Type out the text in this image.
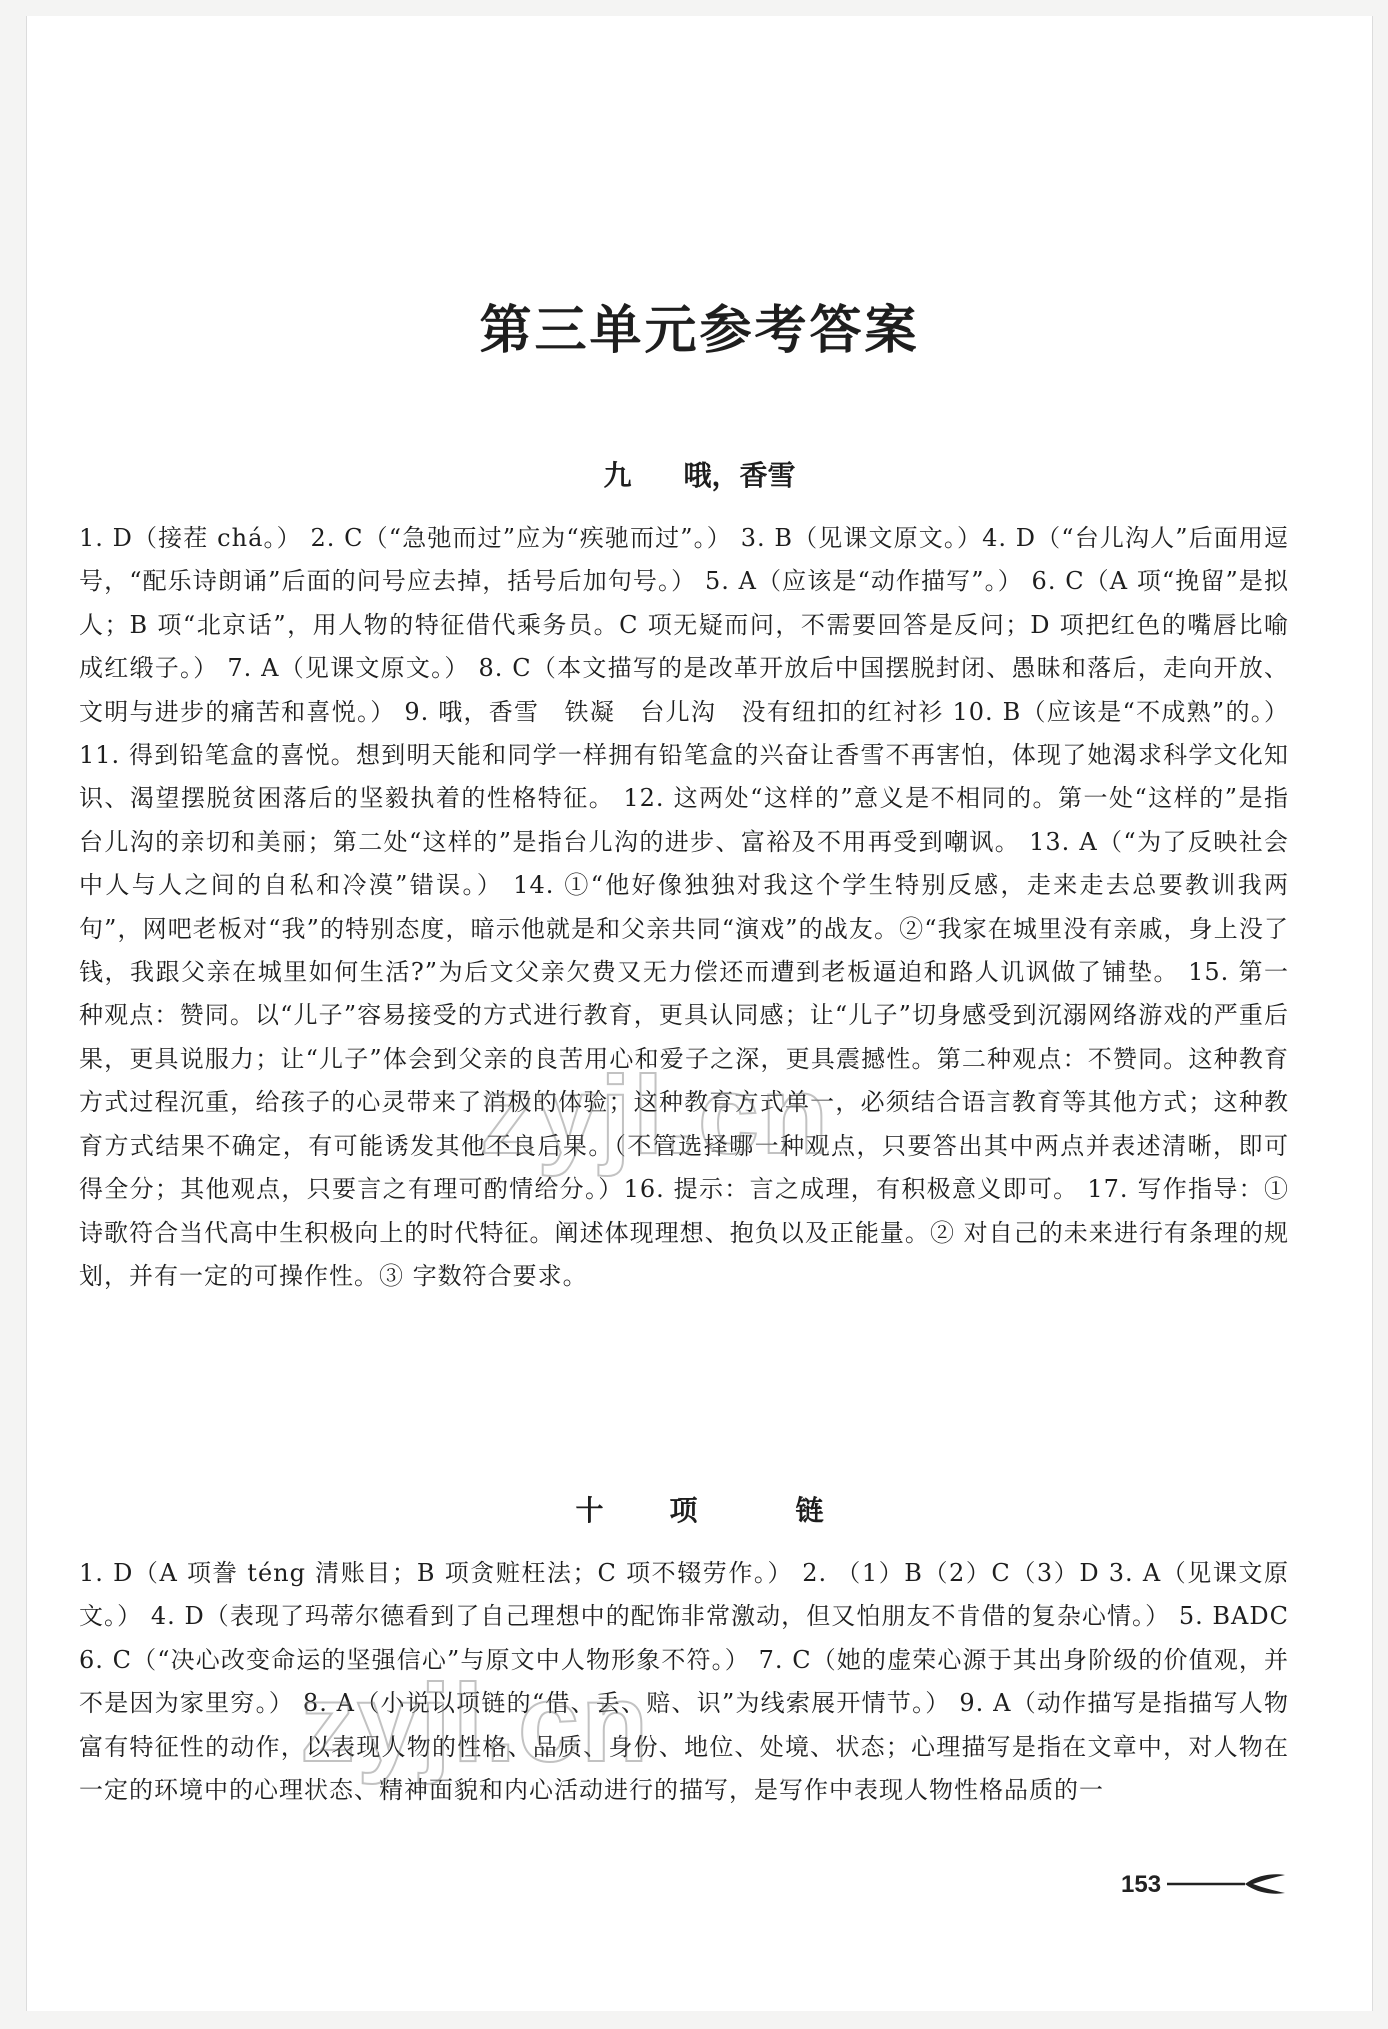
第三单元参考答案
九 哦，香雪

1. D（接茬 chá。） 2. C（“急弛而过”应为“疾驰而过”。） 3. B（见课文原文。）4. D（“台儿沟人”后面用逗号，“配乐诗朗诵”后面的问号应去掉，括号后加句号。） 5. A（应该是“动作描写”。） 6. C（A 项“挽留”是拟人；B 项“北京话”，用人物的特征借代乘务员。C 项无疑而问，不需要回答是反问；D 项把红色的嘴唇比喻成红缎子。） 7. A（见课文原文。） 8. C（本文描写的是改革开放后中国摆脱封闭、愚昧和落后，走向开放、文明与进步的痛苦和喜悦。） 9. 哦，香雪　铁凝　台儿沟　没有纽扣的红衬衫 10. B（应该是“不成熟”的。） 11. 得到铅笔盒的喜悦。想到明天能和同学一样拥有铅笔盒的兴奋让香雪不再害怕，体现了她渴求科学文化知识、渴望摆脱贫困落后的坚毅执着的性格特征。 12. 这两处“这样的”意义是不相同的。第一处“这样的”是指台儿沟的亲切和美丽；第二处“这样的”是指台儿沟的进步、富裕及不用再受到嘲讽。 13. A（“为了反映社会中人与人之间的自私和冷漠”错误。） 14. ①“他好像独独对我这个学生特别反感，走来走去总要教训我两句”，网吧老板对“我”的特别态度，暗示他就是和父亲共同“演戏”的战友。②“我家在城里没有亲戚，身上没了钱，我跟父亲在城里如何生活?”为后文父亲欠费又无力偿还而遭到老板逼迫和路人讥讽做了铺垫。 15. 第一种观点：赞同。以“儿子”容易接受的方式进行教育，更具认同感；让“儿子”切身感受到沉溺网络游戏的严重后果，更具说服力；让“儿子”体会到父亲的良苦用心和爱子之深，更具震撼性。第二种观点：不赞同。这种教育方式过程沉重，给孩子的心灵带来了消极的体验；这种教育方式单一，必须结合语言教育等其他方式；这种教育方式结果不确定，有可能诱发其他不良后果。（不管选择哪一种观点，只要答出其中两点并表述清晰，即可得全分；其他观点，只要言之有理可酌情给分。）16. 提示：言之成理，有积极意义即可。 17. 写作指导：① 诗歌符合当代高中生积极向上的时代特征。阐述体现理想、抱负以及正能量。② 对自己的未来进行有条理的规划，并有一定的可操作性。③ 字数符合要求。

十 项	链

1. D（A 项誊 téng 清账目；B 项贪赃枉法；C 项不辍劳作。） 2. （1）B（2）C（3）D 3. A（见课文原文。） 4. D（表现了玛蒂尔德看到了自己理想中的配饰非常激动，但又怕朋友不肯借的复杂心情。） 5. BADC 6. C（“决心改变命运的坚强信心”与原文中人物形象不符。） 7. C（她的虚荣心源于其出身阶级的价值观，并不是因为家里穷。） 8. A（小说以项链的“借、丢、赔、识”为线索展开情节。） 9. A（动作描写是指描写人物富有特征性的动作，以表现人物的性格、品质、身份、地位、处境、状态；心理描写是指在文章中，对人物在一定的环境中的心理状态、精神面貌和内心活动进行的描写，是写作中表现人物性格品质的一

153
